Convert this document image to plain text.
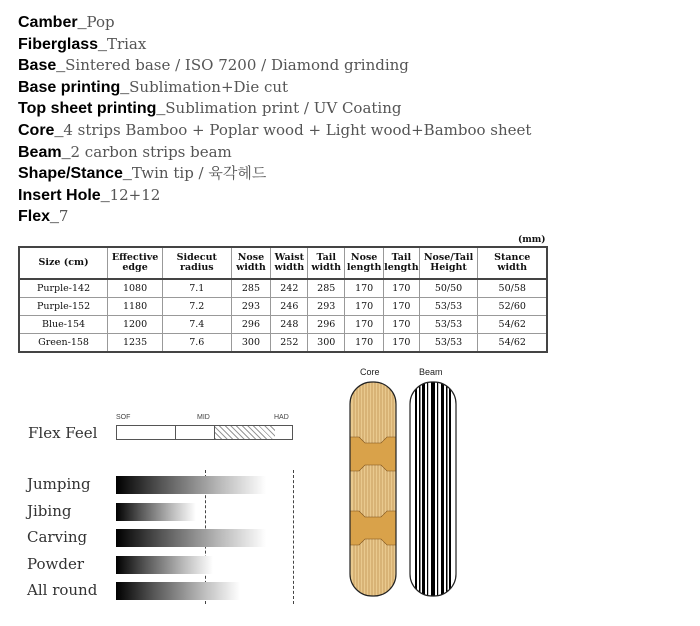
Camber_Pop
Fiberglass_Triax
Base_Sintered base / ISO 7200 / Diamond grinding
Base printing_Sublimation+Die cut
Top sheet printing_Sublimation print / UV Coating
Core_4 strips Bamboo + Poplar wood + Light wood+Bamboo sheet
Beam_2 carbon strips beam
Shape/Stance_Twin tip / 육각헤드
Insert Hole_12+12
Flex_7
(mm)
Size (cm)	Effective edge	Sidecut radius	Nose width	Waist width	Tail width	Nose length	Tail length	Nose/Tail Height	Stance width
Purple-142	1080	7.1	285	242	285	170	170	50/50	50/58
Purple-152	1180	7.2	293	246	293	170	170	53/53	52/60
Blue-154	1200	7.4	296	248	296	170	170	53/53	54/62
Green-158	1235	7.6	300	252	300	170	170	53/53	54/62
Flex Feel
SOF	MID	HAD
Jumping
Jibing
Carving
Powder
All round
Core	Beam
